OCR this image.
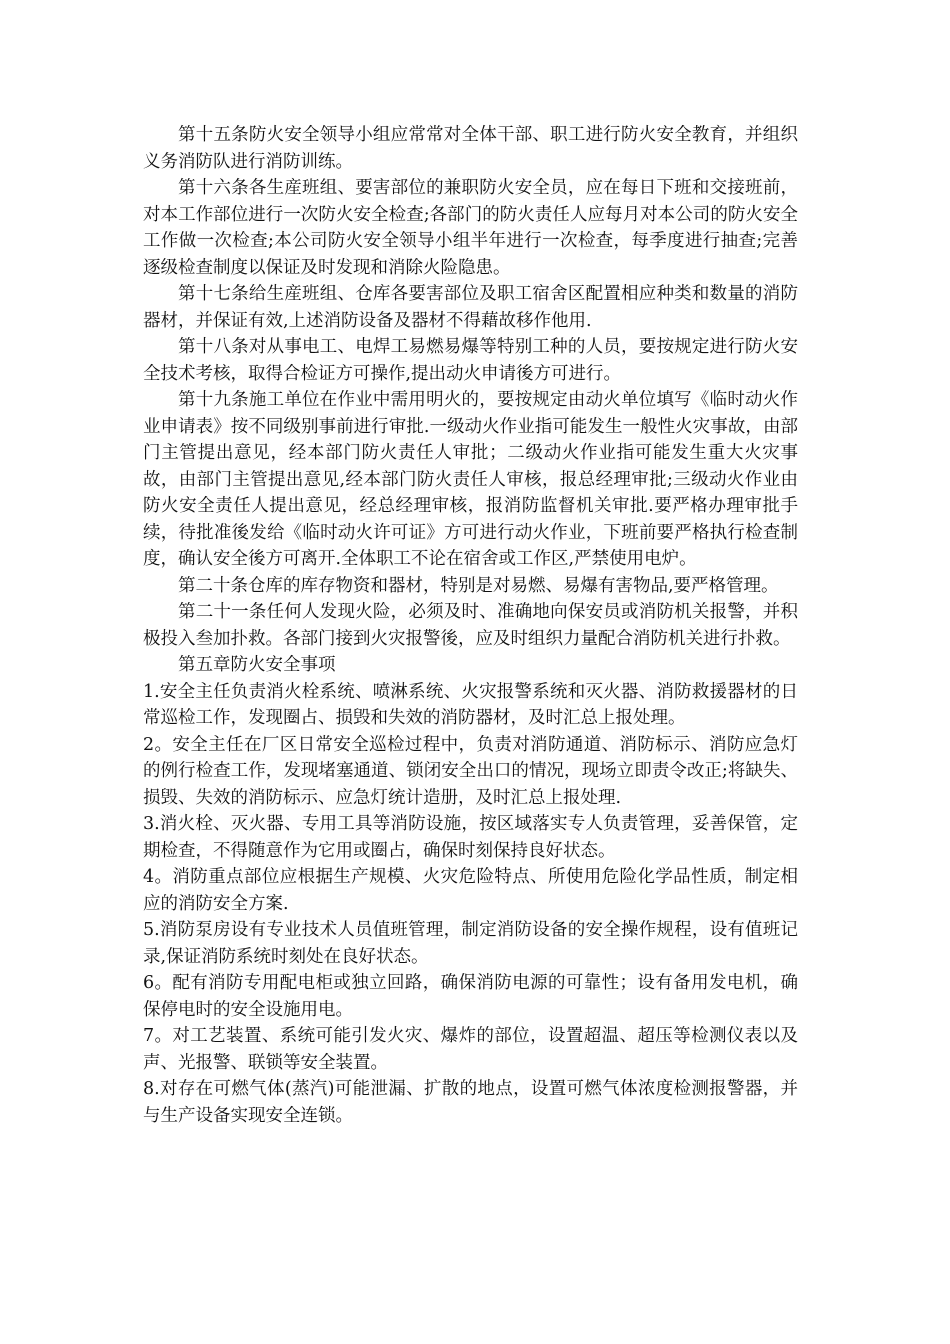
第十五条防火安全领导小组应常常对全体干部、职工进行防火安全教育，并组织义务消防队进行消防训练。

第十六条各生産班组、要害部位的兼职防火安全员，应在每日下班和交接班前，对本工作部位进行一次防火安全检查;各部门的防火责任人应每月对本公司的防火安全工作做一次检查;本公司防火安全领导小组半年进行一次检查，每季度进行抽查;完善逐级检查制度以保证及时发现和消除火险隐患。

第十七条给生産班组、仓库各要害部位及职工宿舍区配置相应种类和数量的消防器材，并保证有效,上述消防设备及器材不得藉故移作他用.

第十八条对从事电工、电焊工易燃易爆等特别工种的人员，要按规定进行防火安全技术考核，取得合检证方可操作,提出动火申请後方可进行。

第十九条施工单位在作业中需用明火的，要按规定由动火单位填写《临时动火作业申请表》按不同级别事前进行审批.一级动火作业指可能发生一般性火灾事故，由部门主管提出意见，经本部门防火责任人审批；二级动火作业指可能发生重大火灾事故，由部门主管提出意见,经本部门防火责任人审核，报总经理审批;三级动火作业由防火安全责任人提出意见，经总经理审核，报消防监督机关审批.要严格办理审批手续，待批准後发给《临时动火许可证》方可进行动火作业，下班前要严格执行检查制度，确认安全後方可离开.全体职工不论在宿舍或工作区,严禁使用电炉。

第二十条仓库的库存物资和器材，特别是对易燃、易爆有害物品,要严格管理。

第二十一条任何人发现火险，必须及时、准确地向保安员或消防机关报警，并积极投入叁加扑救。各部门接到火灾报警後，应及时组织力量配合消防机关进行扑救。

第五章防火安全事项

1.安全主任负责消火栓系统、喷淋系统、火灾报警系统和灭火器、消防救援器材的日常巡检工作，发现圈占、损毁和失效的消防器材，及时汇总上报处理。

2。安全主任在厂区日常安全巡检过程中，负责对消防通道、消防标示、消防应急灯的例行检查工作，发现堵塞通道、锁闭安全出口的情况，现场立即责令改正;将缺失、损毁、失效的消防标示、应急灯统计造册，及时汇总上报处理.

3.消火栓、灭火器、专用工具等消防设施，按区域落实专人负责管理，妥善保管，定期检查，不得随意作为它用或圈占，确保时刻保持良好状态。

4。消防重点部位应根据生产规模、火灾危险特点、所使用危险化学品性质，制定相应的消防安全方案.

5.消防泵房设有专业技术人员值班管理，制定消防设备的安全操作规程，设有值班记录,保证消防系统时刻处在良好状态。

6。配有消防专用配电柜或独立回路，确保消防电源的可靠性；设有备用发电机，确保停电时的安全设施用电。

7。对工艺装置、系统可能引发火灾、爆炸的部位，设置超温、超压等检测仪表以及声、光报警、联锁等安全装置。

8.对存在可燃气体(蒸汽)可能泄漏、扩散的地点，设置可燃气体浓度检测报警器，并与生产设备实现安全连锁。
